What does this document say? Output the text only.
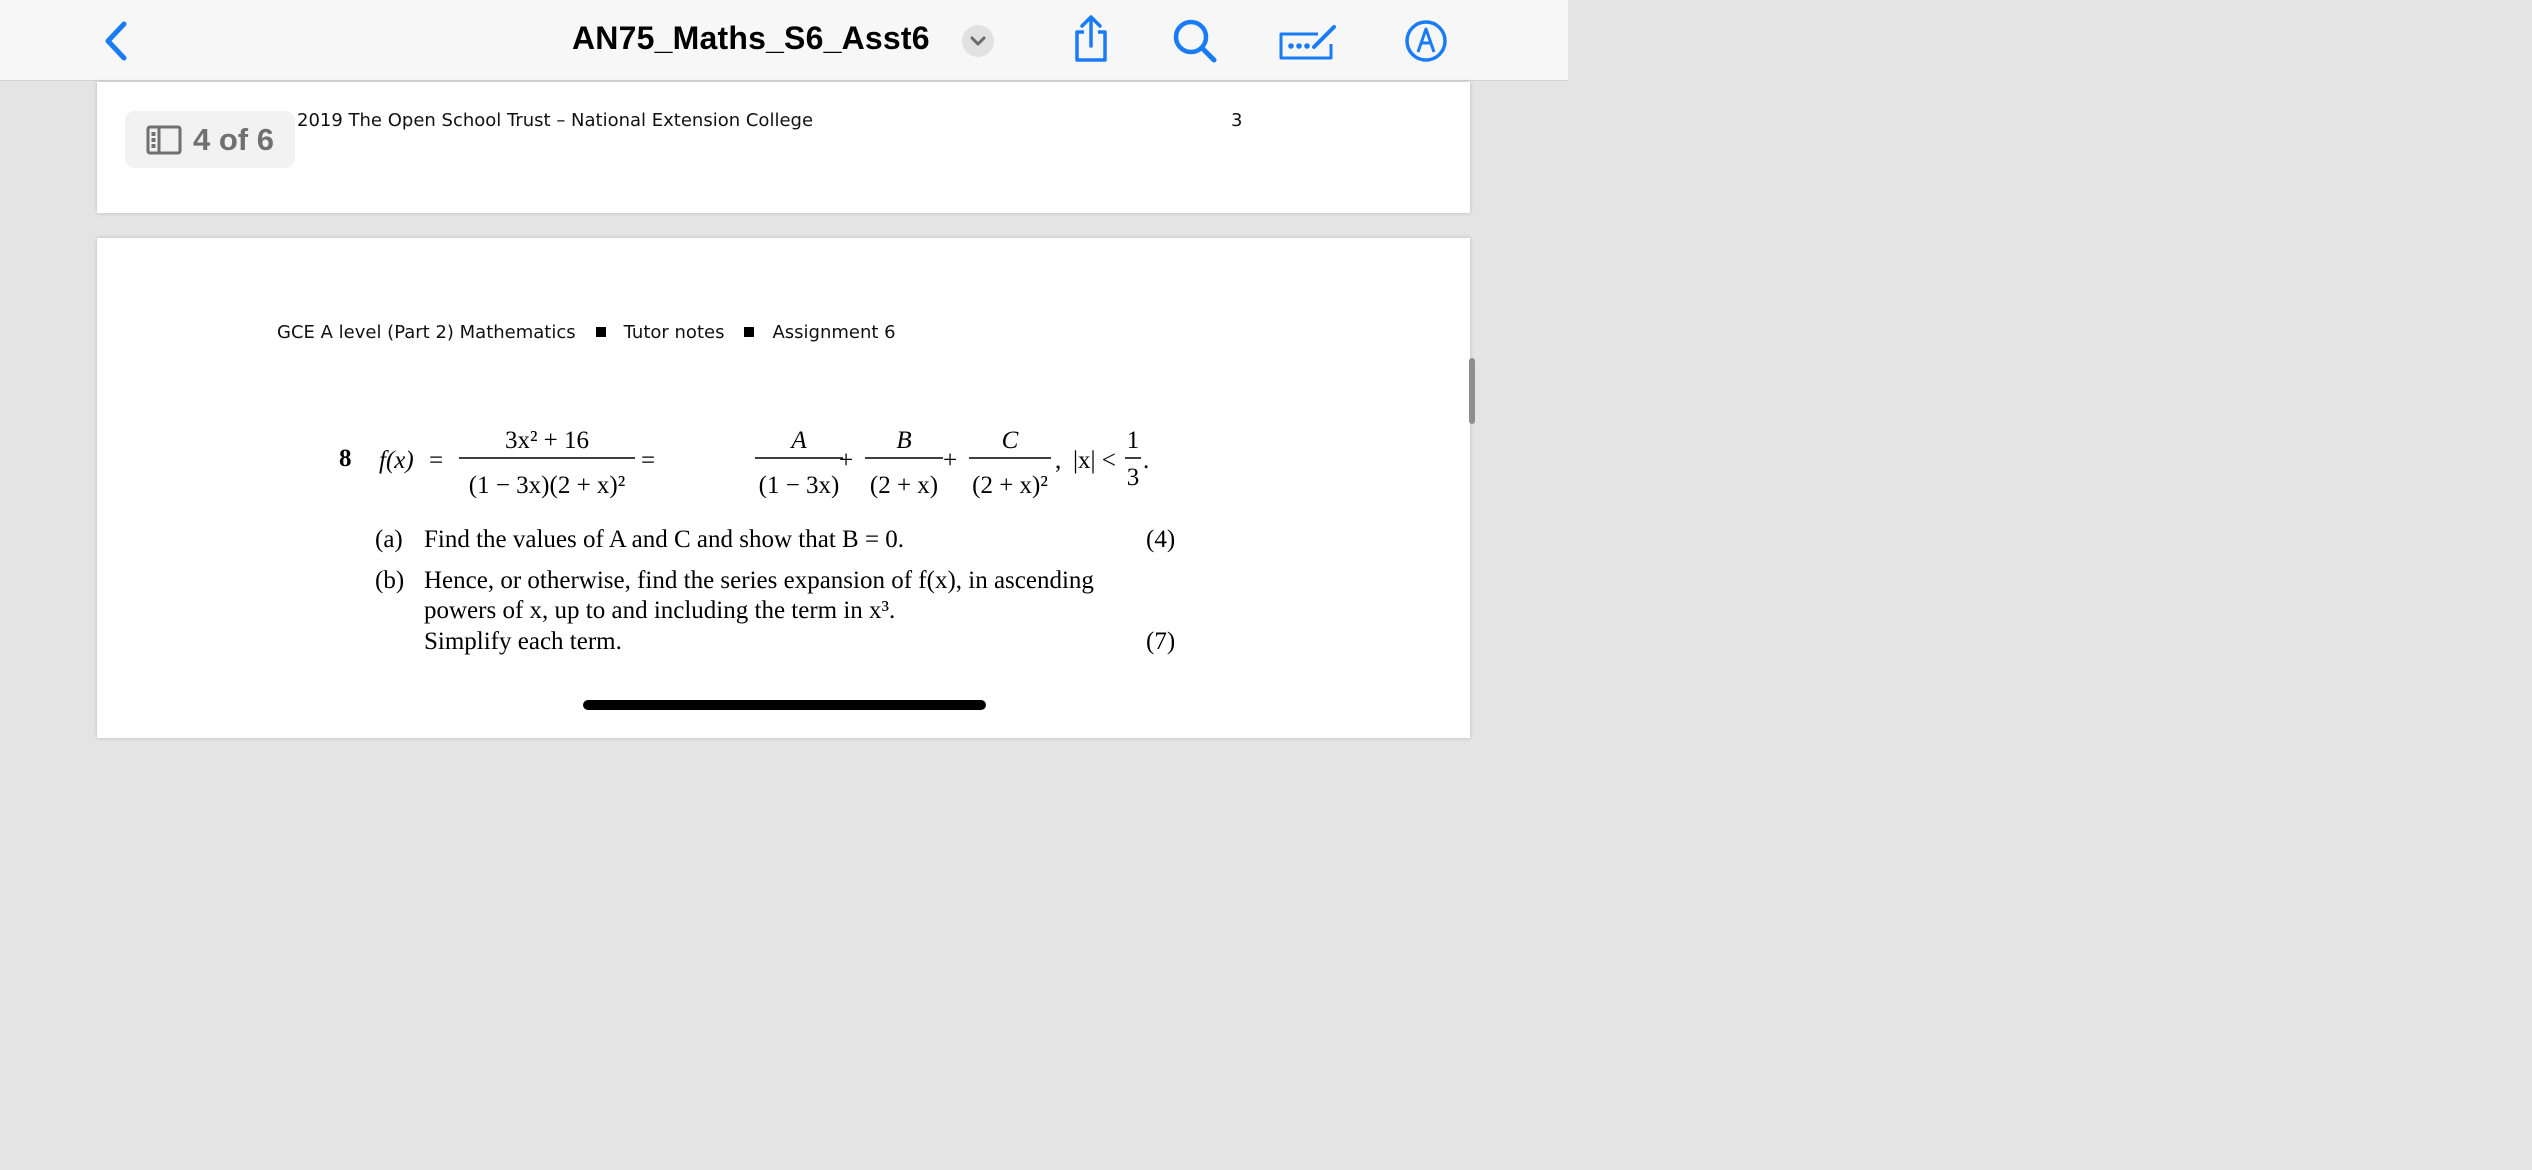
AN75_Maths_S6_Asst6
2019 The Open School Trust – National Extension College	3
4 of 6
GCE A level (Part 2) Mathematics	Tutor notes	Assignment 6
8 f(x) =
3x² + 16
(1 − 3x)(2 + x)²
=
A
(1 − 3x)
+
B
(2 + x)
+
C
(2 + x)²
, |x| <
1
3
.
(a) Find the values of A and C and show that B = 0.	(4)
(b) Hence, or otherwise, find the series expansion of f(x), in ascending
powers of x, up to and including the term in x³.
Simplify each term.	(7)
